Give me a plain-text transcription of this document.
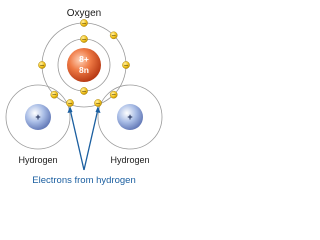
Oxygen
Hydrogen	Hydrogen
8+
8n
+	+
−
−
−
−
−
−
−	−
−	−
Electrons from hydrogen
